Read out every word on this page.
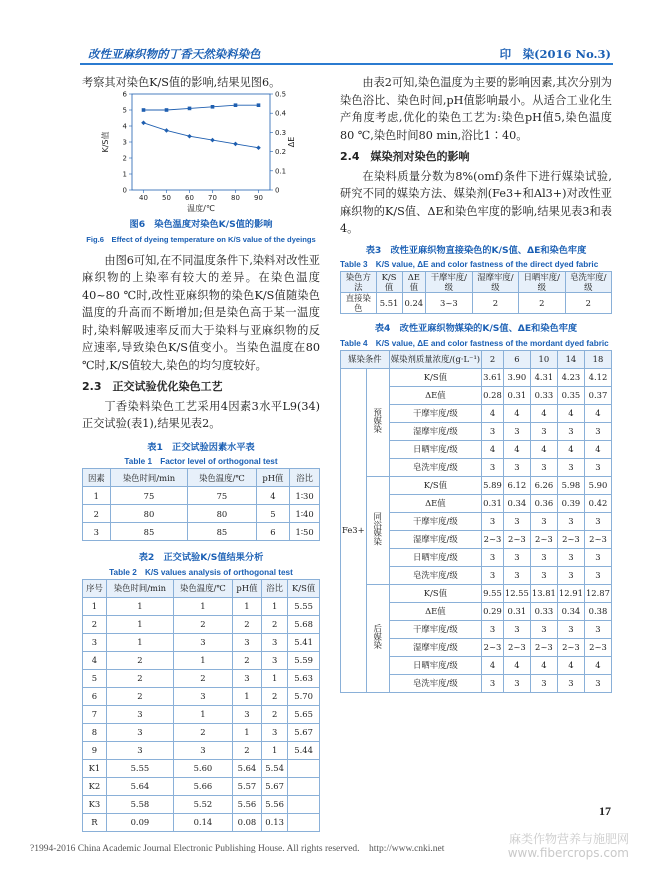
改性亚麻织物的丁香天然染料染色	印　染(2016 No.3)

考察其对染色K/S值的影响,结果见图6。

0
1
2
3
4
5
6
0
0.1
0.2
0.3
0.4
0.5
40 50 60 70 80 90
温度/℃
K/S值	ΔE
图6　染色温度对染色K/S值的影响
Fig.6　Effect of dyeing temperature on K/S value of the dyeings

由图6可知,在不同温度条件下,染料对改性亚麻织物的上染率有较大的差异。在染色温度40~80 ℃时,改性亚麻织物的染色K/S值随染色温度的升高而不断增加;但是染色高于某一温度时,染料解吸速率反而大于染料与亚麻织物的反应速率,导致染色K/S值变小。当染色温度在80 ℃时,K/S值较大,染色的均匀度较好。

2.3　正交试验优化染色工艺

丁香染料染色工艺采用4因素3水平L9(34)正交试验(表1),结果见表2。

表1　正交试验因素水平表
Table 1　Factor level of orthogonal test
因素	染色时间/min	染色温度/℃	pH值	浴比
1	75	75	4	1∶30
2	80	80	5	1∶40
3	85	85	6	1∶50
表2　正交试验K/S值结果分析
Table 2　K/S values analysis of orthogonal test
序号	染色时间/min	染色温度/℃	pH值	浴比	K/S值
1	1	1	1	1	5.55
2	1	2	2	2	5.68
3	1	3	3	3	5.41
4	2	1	2	3	5.59
5	2	2	3	1	5.63
6	2	3	1	2	5.70
7	3	1	3	2	5.65
8	3	2	1	3	5.67
9	3	3	2	1	5.44
K1	5.55	5.60	5.64	5.54	
K2	5.64	5.66	5.57	5.67	
K3	5.58	5.52	5.56	5.56	
R	0.09	0.14	0.08	0.13	

由表2可知,染色温度为主要的影响因素,其次分别为染色浴比、染色时间,pH值影响最小。从适合工业化生产角度考虑,优化的染色工艺为:染色pH值5,染色温度80 ℃,染色时间80 min,浴比1∶40。

2.4　媒染剂对染色的影响

在染料质量分数为8%(omf)条件下进行媒染试验,研究不同的媒染方法、媒染剂(Fe3+和Al3+)对改性亚麻织物的K/S值、ΔE和染色牢度的影响,结果见表3和表4。

表3　改性亚麻织物直接染色的K/S值、ΔE和染色牢度
Table 3　K/S value, ΔE and color fastness of the direct dyed fabric
染色方法	K/S值	ΔE值	干摩牢度/级	湿摩牢度/级	日晒牢度/级	皂洗牢度/级
直接染色	5.51	0.24	3~3	2	2	2
表4　改性亚麻织物媒染的K/S值、ΔE和染色牢度
Table 4　K/S value, ΔE and color fastness of the mordant dyed fabric
媒染条件		媒染剂质量浓度/(g·L⁻¹)	2	6	10	14	18
Fe3+	预媒染	K/S值	3.61	3.90	4.31	4.23	4.12
		ΔE值	0.28	0.31	0.33	0.35	0.37
		干摩牢度/级	4	4	4	4	4
		湿摩牢度/级	3	3	3	3	3
		日晒牢度/级	4	4	4	4	4
		皂洗牢度/级	3	3	3	3	3
	同浴媒染	K/S值	5.89	6.12	6.26	5.98	5.90
		ΔE值	0.31	0.34	0.36	0.39	0.42
		干摩牢度/级	3	3	3	3	3
		湿摩牢度/级	2~3	2~3	2~3	2~3	2~3
		日晒牢度/级	3	3	3	3	3
		皂洗牢度/级	3	3	3	3	3
	后媒染	K/S值	9.55	12.55	13.81	12.91	12.87
		ΔE值	0.29	0.31	0.33	0.34	0.38
		干摩牢度/级	3	3	3	3	3
		湿摩牢度/级	2~3	2~3	2~3	2~3	2~3
		日晒牢度/级	4	4	4	4	4
		皂洗牢度/级	3	3	3	3	3
17
?1994-2016 China Academic Journal Electronic Publishing House. All rights reserved.　http://www.cnki.net
麻类作物营养与施肥网
www.fibercrops.com
